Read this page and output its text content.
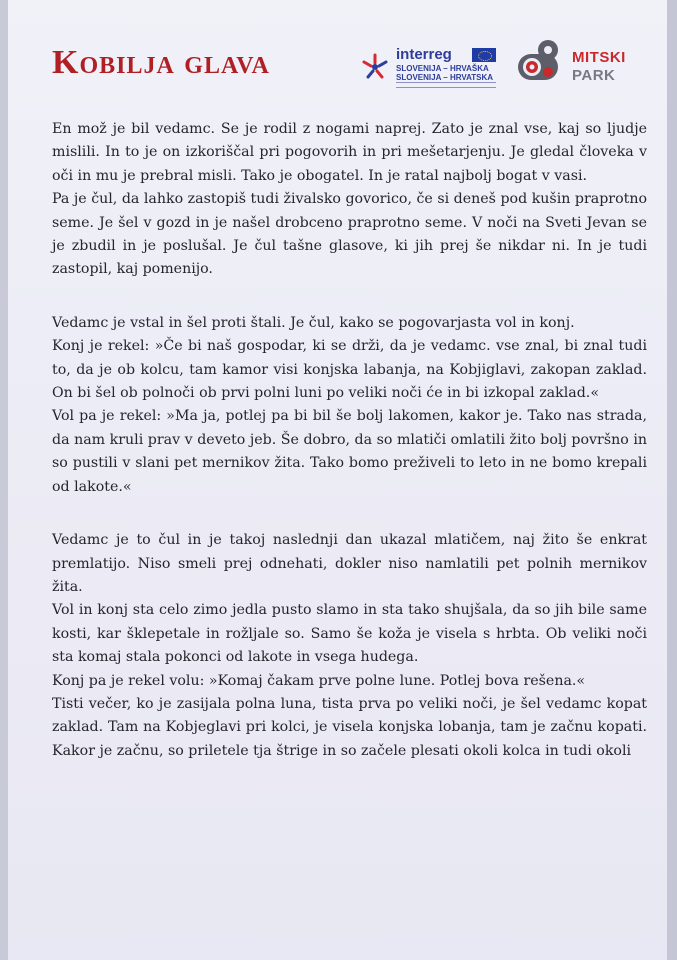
Kobilja glava	interreg
SLOVENIJA – HRVAŠKA
SLOVENIJA – HRVATSKA
MITSKI
PARK

En mož je bil vedamc. Se je rodil z nogami naprej. Zato je znal vse, kaj so ljudje mislili. In to je on izkoriščal pri pogovorih in pri mešetarjenju. Je gledal človeka v oči in mu je prebral misli. Tako je obogatel. In je ratal najbolj bogat v vasi.

Pa je čul, da lahko zastopiš tudi živalsko govorico, če si deneš pod kušin praprotno seme. Je šel v gozd in je našel drobceno praprotno seme. V noči na Sveti Jevan se je zbudil in je poslušal. Je čul tašne glasove, ki jih prej še nikdar ni. In je tudi zastopil, kaj pomenijo.

Vedamc je vstal in šel proti štali. Je čul, kako se pogovarjasta vol in konj.

Konj je rekel: »Če bi naš gospodar, ki se drži, da je vedamc. vse znal, bi znal tudi to, da je ob kolcu, tam kamor visi konjska labanja, na Kobjiglavi, zakopan zaklad. On bi šel ob polnoči ob prvi polni luni po veliki noči će in bi izkopal zaklad.«

Vol pa je rekel: »Ma ja, potlej pa bi bil še bolj lakomen, kakor je. Tako nas strada, da nam kruli prav v deveto jeb. Še dobro, da so mlatiči omlatili žito bolj površno in so pustili v slani pet mernikov žita. Tako bomo preživeli to leto in ne bomo krepali od lakote.«

Vedamc je to čul in je takoj naslednji dan ukazal mlatičem, naj žito še enkrat premlatijo. Niso smeli prej odnehati, dokler niso namlatili pet polnih mernikov žita.

Vol in konj sta celo zimo jedla pusto slamo in sta tako shujšala, da so jih bile same kosti, kar šklepetale in rožljale so. Samo še koža je visela s hrbta. Ob veliki noči sta komaj stala pokonci od lakote in vsega hudega.

Konj pa je rekel volu: »Komaj čakam prve polne lune. Potlej bova rešena.«

Tisti večer, ko je zasijala polna luna, tista prva po veliki noči, je šel vedamc kopat zaklad. Tam na Kobjeglavi pri kolci, je visela konjska lobanja, tam je začnu kopati. Kakor je začnu, so priletele tja štrige in so začele plesati okoli kolca in tudi okoli
